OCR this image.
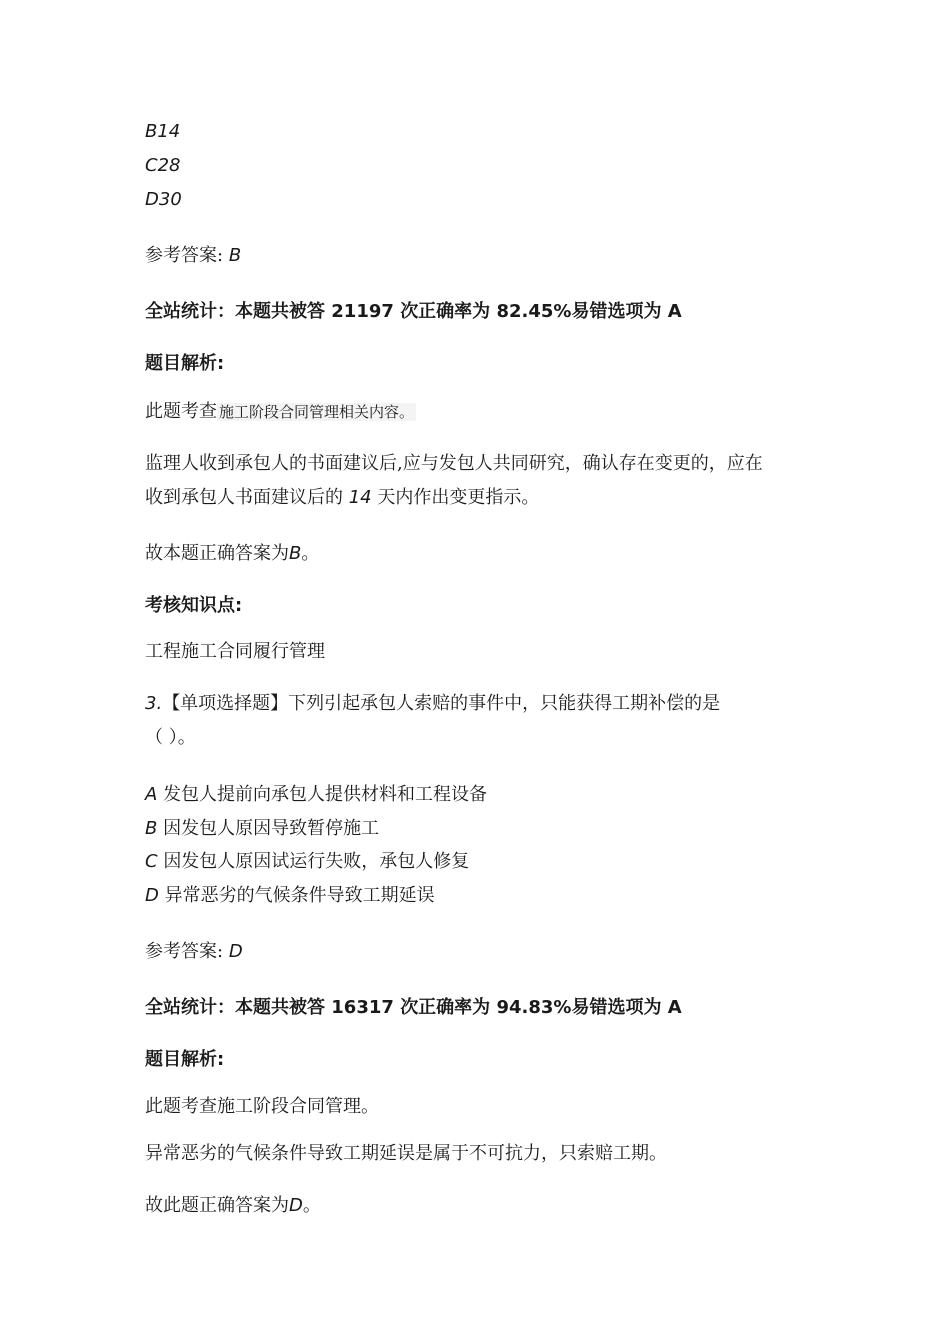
B14
C28
D30
参考答案: B
全站统计：本题共被答 21197 次正确率为 82.45%易错选项为 A
题目解析:
此题考查 施工阶段合同管理相关内容。
监理人收到承包人的书面建议后,应与发包人共同研究，确认存在变更的，应在
收到承包人书面建议后的 14 天内作出变更指示。
故本题正确答案为B。
考核知识点:
工程施工合同履行管理
3.【单项选择题】下列引起承包人索赔的事件中，只能获得工期补偿的是
（ ）。
A 发包人提前向承包人提供材料和工程设备
B 因发包人原因导致暂停施工
C 因发包人原因试运行失败，承包人修复
D 异常恶劣的气候条件导致工期延误
参考答案: D
全站统计：本题共被答 16317 次正确率为 94.83%易错选项为 A
题目解析:
此题考查施工阶段合同管理。
异常恶劣的气候条件导致工期延误是属于不可抗力，只索赔工期。
故此题正确答案为D。
